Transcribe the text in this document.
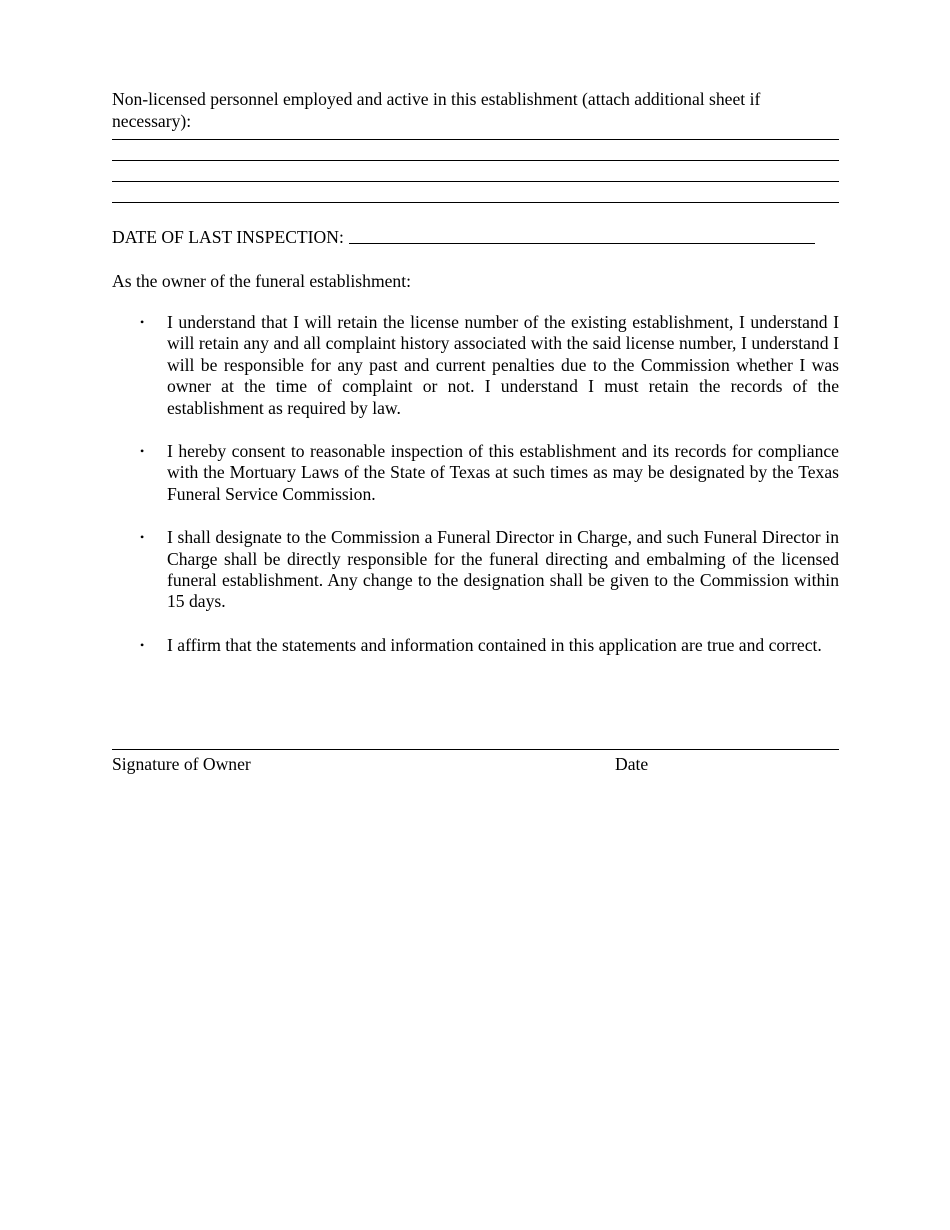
Non-licensed personnel employed and active in this establishment (attach additional sheet if necessary):

DATE OF LAST INSPECTION:
As the owner of the funeral establishment:
• I understand that I will retain the license number of the existing establishment, I understand I will retain any and all complaint history associated with the said license number, I understand I will be responsible for any past and current penalties due to the Commission whether I was owner at the time of complaint or not. I understand I must retain the records of the establishment as required by law.
• I hereby consent to reasonable inspection of this establishment and its records for compliance with the Mortuary Laws of the State of Texas at such times as may be designated by the Texas Funeral Service Commission.
• I shall designate to the Commission a Funeral Director in Charge, and such Funeral Director in Charge shall be directly responsible for the funeral directing and embalming of the licensed funeral establishment. Any change to the designation shall be given to the Commission within 15 days.
• I affirm that the statements and information contained in this application are true and correct.
Signature of Owner	Date
